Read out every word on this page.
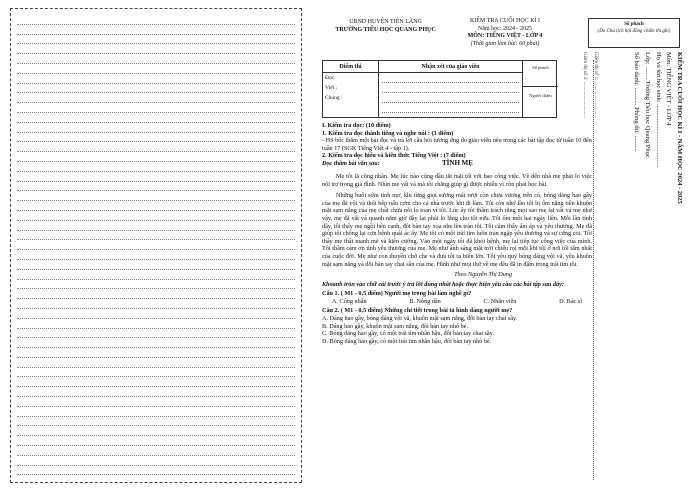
UBND HUYỆN TIÊN LÃNG
TRƯỜNG TIỂU HỌC QUANG PHỤC
KIỂM TRA CUỐI HỌC KÌ I
Năm học: 2024 - 2025
MÔN: TIẾNG VIỆT - LỚP 4
(Thời gian làm bài: 60 phút)
Số phách
(Do Chủ tịch hội đồng chấm thi ghi)
Điểm thi
Đọc:
Viết :
Chung :
Nhận xét của giáo viên	Số phách
Người chấm	KIỂM TRA CUỐI HỌC KÌ I - NĂM HỌC 2024 - 2025
Môn: TIẾNG VIỆT - LỚP 4
Họ và tên học sinh: .......................................
Lớp: ........ Trường Tiểu học Quang Phục
Số báo danh: ........... Phòng thi: ..........
Giám thị số 1: .............................
Giám thị số 2: .............................
I. Kiểm tra đọc: (10 điểm)
1. Kiểm tra đọc thành tiếng và nghe nói : (3 điểm)
- HS bốc thăm một bài đọc và trả lời câu hỏi tương ứng do giáo viên nêu trong các bài tập đọc từ tuần 10 đến tuần 17 (SGK Tiếng Việt 4 - tập 1).
2. Kiểm tra đọc hiểu và kiến thức Tiếng Việt : (7 điểm)
Đọc thầm bài văn sau:	TÌNH MẸ
Mẹ tôi là công nhân. Mẹ lúc nào cũng đầu tắt mặt tối với bao công việc. Về đến nhà mẹ phải lo việc nội trợ trong gia đình. Nhìn mẹ vất vả mà tôi chẳng giúp gì được nhiều vì còn phải học bài.
Những buổi sớm tinh mơ, khi từng giọt sương mát rượi còn chưa vương trên cỏ, bóng dáng hao gầy của mẹ đã vội vã thổi bếp nấu cơm cho cả nhà trước khi đi làm. Tôi còn nhớ lần tôi bị ốm nặng tiền khuôn mặt sạm nắng của mẹ chất chứa nỗi lo toan vì tôi. Lúc ấy tôi thầm trách rằng mọi sao mẹ lại vất vả mẹ như vậy, mẹ đã vất vả quanh năm giờ đây lại phải lo lắng cho tôi nữa. Tôi ốm một hai ngày liền. Mỗi lần tỉnh dậy, tôi thấy mẹ ngồi bên cạnh, đôi bàn tay xoa nhẹ lên trán tôi. Tôi cảm thấy ấm áp và yêu thương. Mẹ đã giúp tôi chống lại cơn bệnh quái ác ấy. Mẹ tôi có một trái tim luôn tràn ngập yêu thương và sự cứng cỏi. Tôi thấy mẹ thật mạnh mẽ và kiên cường. Vào một ngày tôi đã khỏi bệnh, mẹ lại tiếp tục công việc của mình. Tôi thầm cảm ơn tình yêu thương của mẹ. Mẹ như ánh sáng mặt trời chiếu rọi mỗi khi tôi ở nơi tối tăm nhất của cuộc đời. Mẹ như con thuyền chở che và đưa tôi ra biển lớn. Tôi yêu quý bóng dáng vội vã, yêu khuôn mặt sạm nắng và đôi bàn tay chai sần của mẹ. Hình như mọi thứ về mẹ đều đã in đậm trong trái tim tôi.
Theo Nguyễn Thị Dung
Khoanh tròn vào chữ cái trước ý trả lời đúng nhất hoặc thực hiện yêu cầu các bài tập sau đây:
Câu 1. ( M1 - 0,5 điểm) Người mẹ trong bài làm nghề gì?
A. Công nhân	B. Nông dân	C. Nhân viên	D. Bác sĩ
Câu 2. ( M1 - 0,5 điểm) Những chi tiết trong bài tả hình dáng người mẹ?
A. Dáng hao gầy, bóng dáng vội vã, khuôn mặt sạm nắng, đôi bàn tay chai sầy.
B. Dáng hao gầy, khuôn mặt sạm nắng, đôi bàn tay nhỏ bé.
C. Bóng dáng hao gầy, có một trái tim nhân hậu, đôi bàn tay chai sầy.
D. Bóng dáng hao gầy, có một trái tim nhân hậu, đôi bàn tay nhỏ bé.
